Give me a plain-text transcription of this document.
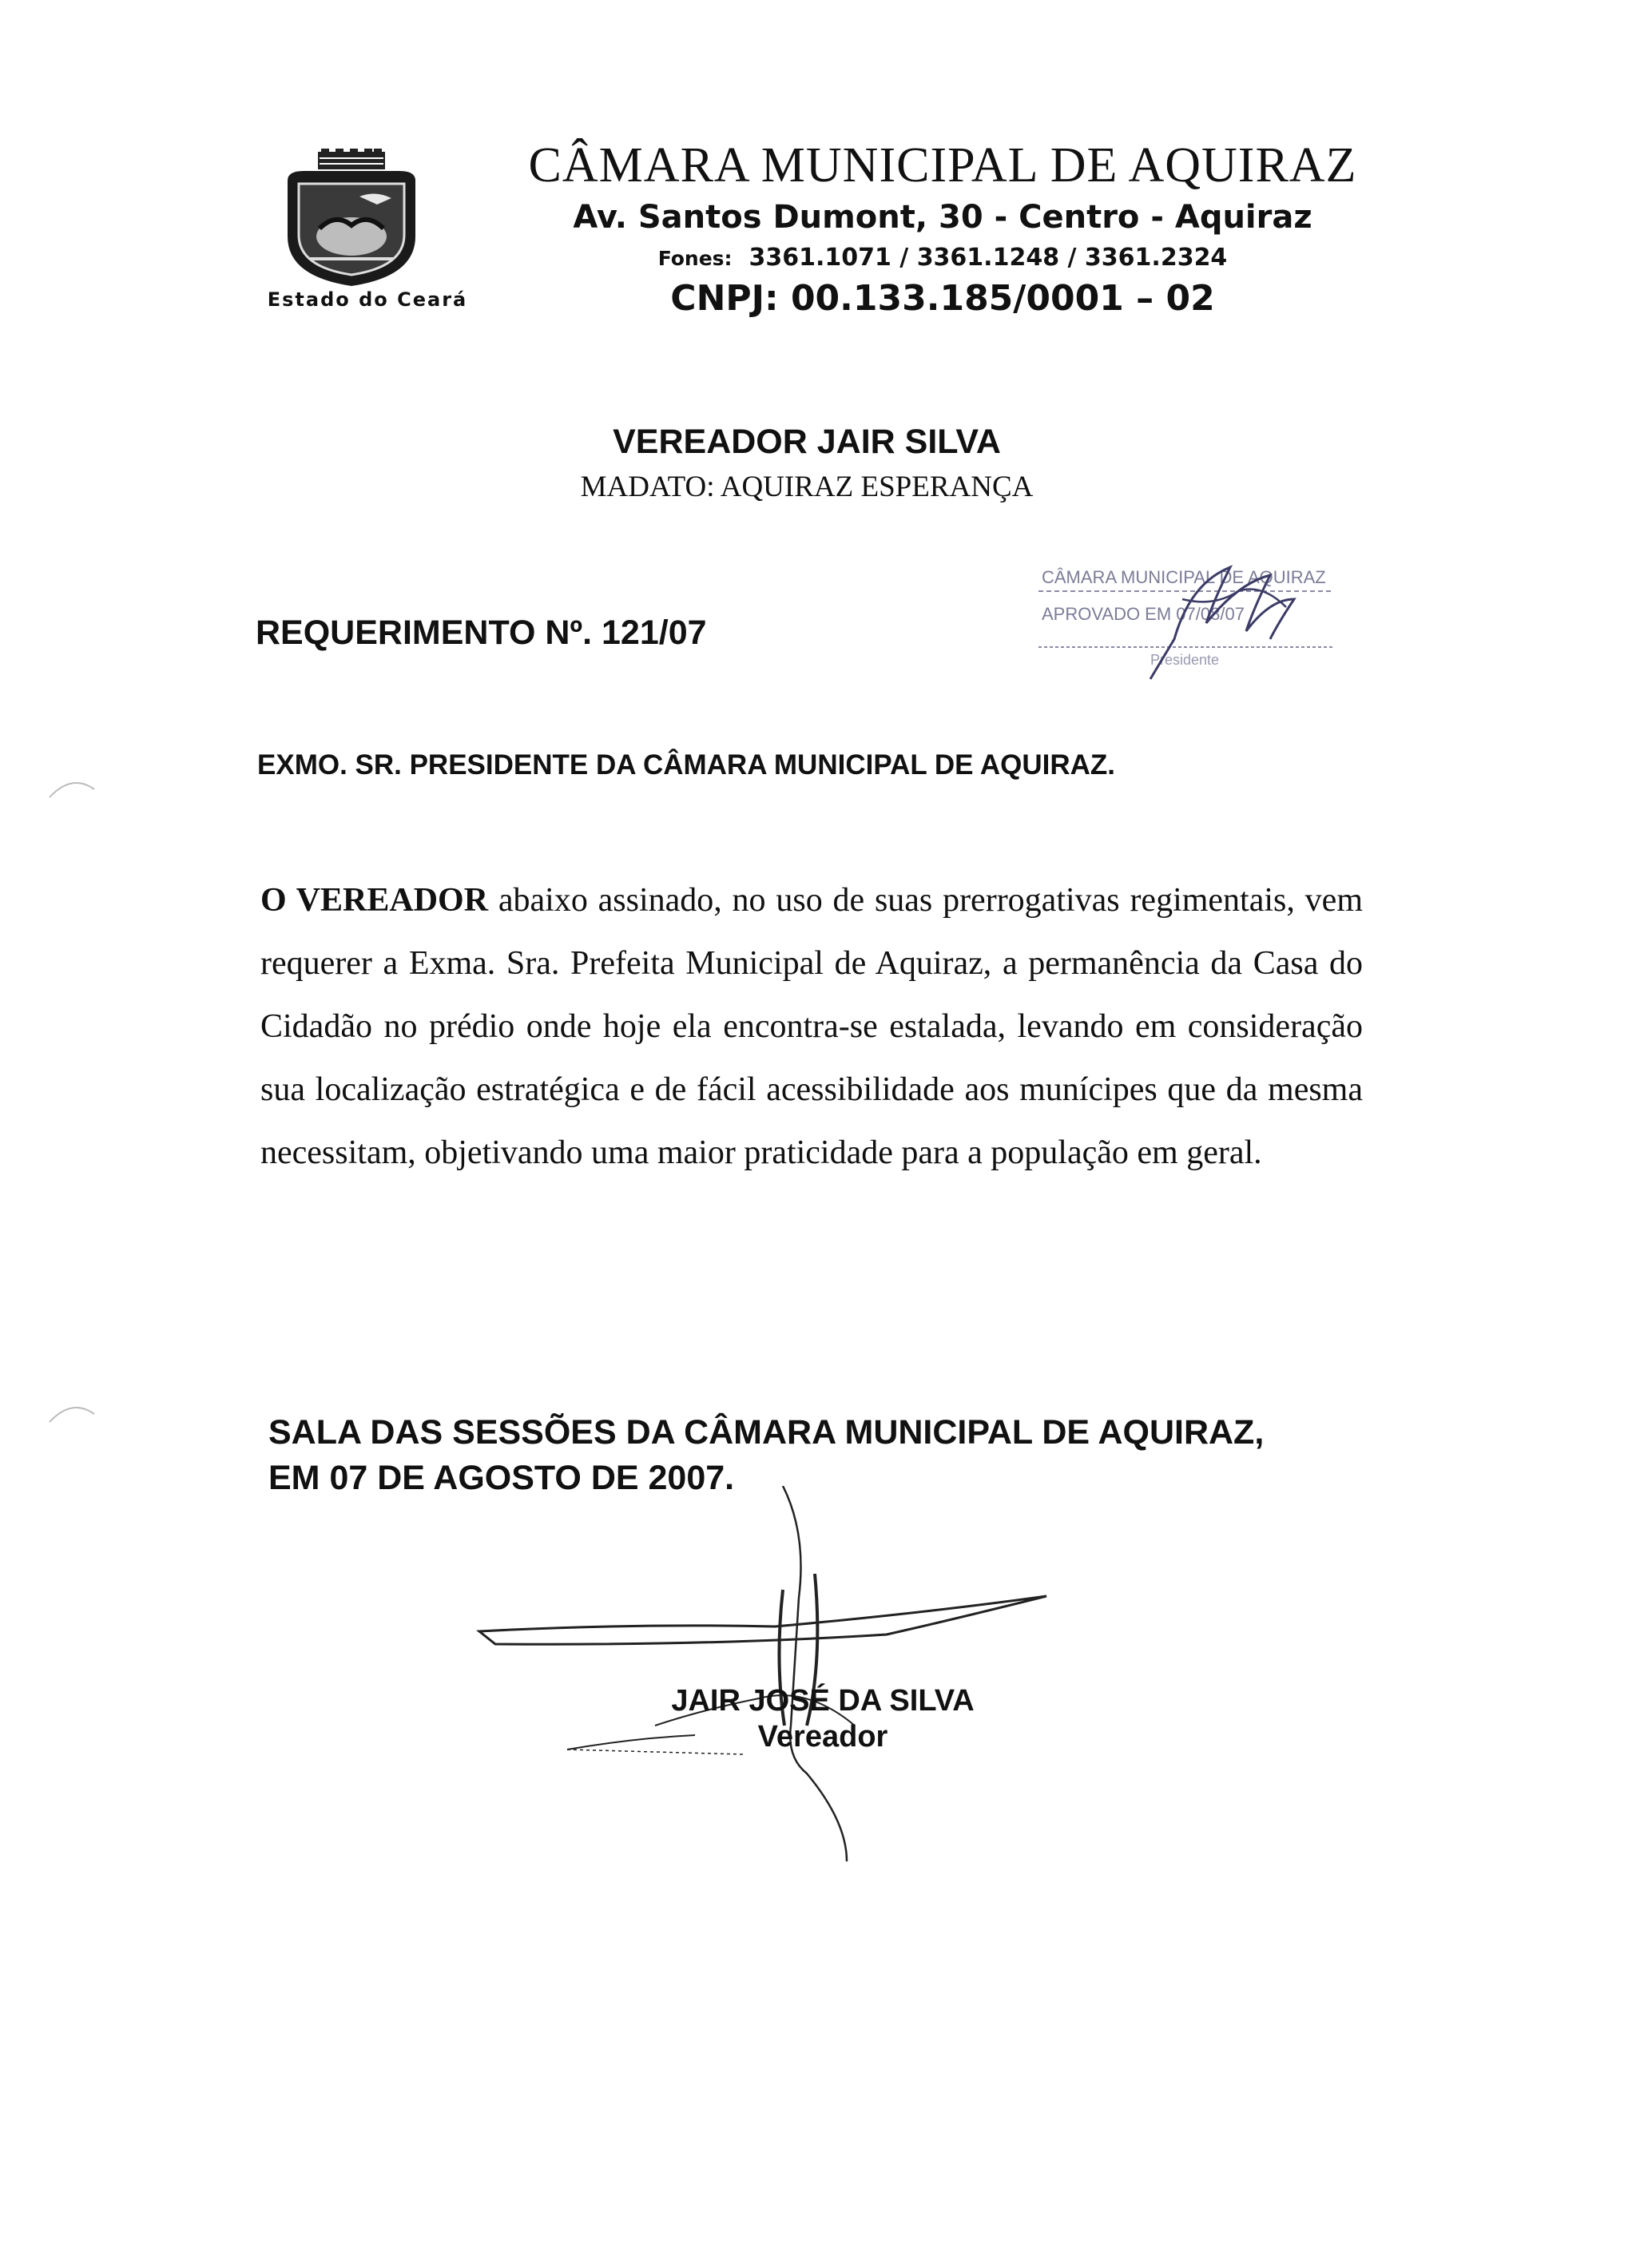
Estado do Ceará
CÂMARA MUNICIPAL DE AQUIRAZ
Av. Santos Dumont, 30 - Centro - Aquiraz
Fones: 3361.1071 / 3361.1248 / 3361.2324
CNPJ: 00.133.185/0001 – 02
VEREADOR JAIR SILVA
MADATO: AQUIRAZ ESPERANÇA
REQUERIMENTO Nº. 121/07
CÂMARA MUNICIPAL DE AQUIRAZ
APROVADO EM 07/08/07
Presidente
EXMO. SR. PRESIDENTE DA CÂMARA MUNICIPAL DE AQUIRAZ.
O VEREADOR abaixo assinado, no uso de suas prerrogativas regimentais, vem requerer a Exma. Sra. Prefeita Municipal de Aquiraz, a permanência da Casa do Cidadão no prédio onde hoje ela encontra-se estalada, levando em consideração sua localização estratégica e de fácil acessibilidade aos munícipes que da mesma necessitam, objetivando uma maior praticidade para a população em geral.
SALA DAS SESSÕES DA CÂMARA MUNICIPAL DE AQUIRAZ,
EM 07 DE AGOSTO DE 2007.
JAIR JOSÉ DA SILVA
Vereador
